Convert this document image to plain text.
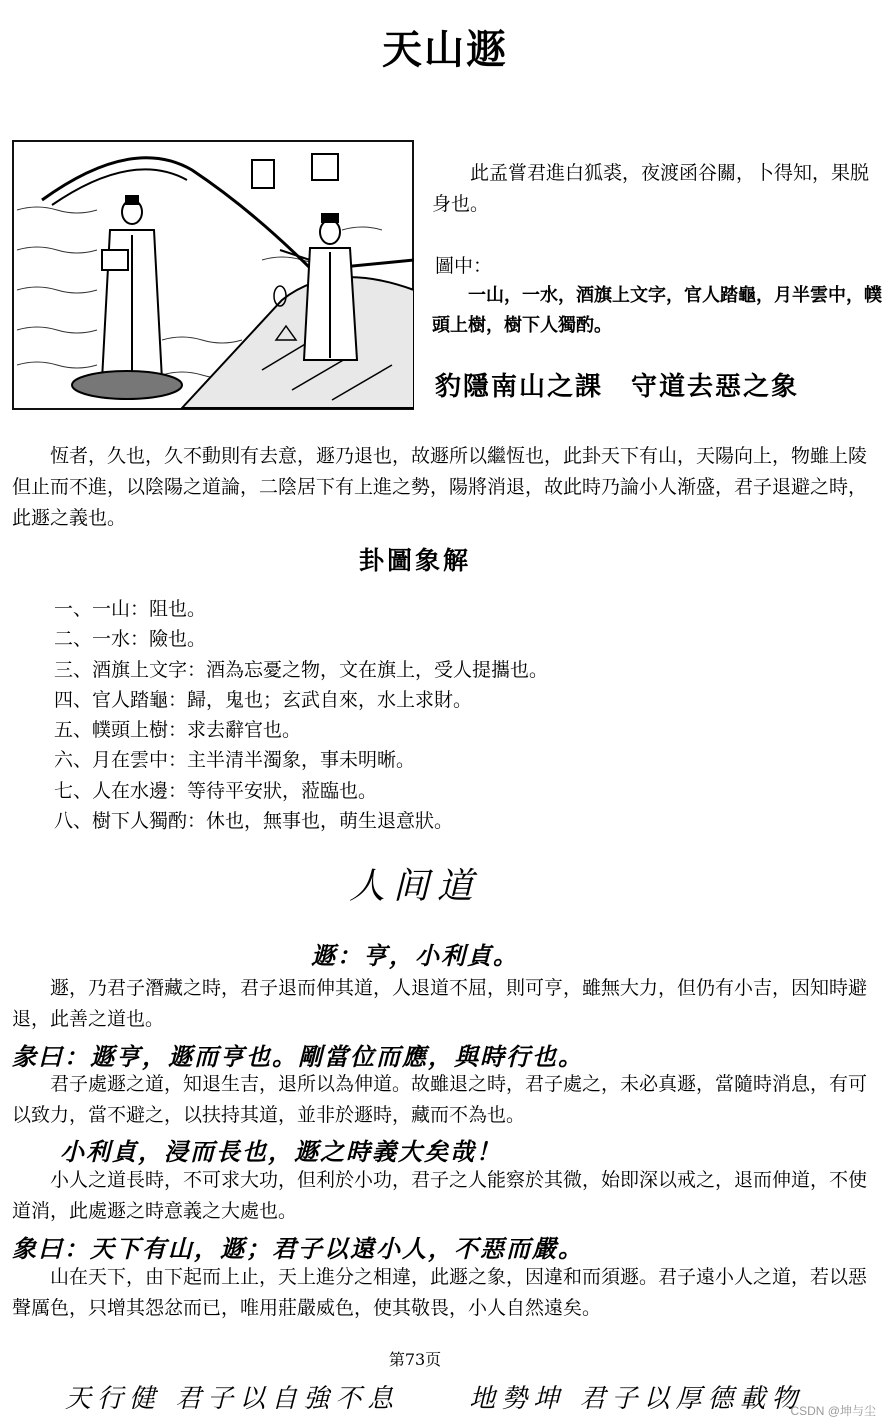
天山遯
此孟嘗君進白狐裘，夜渡函谷關，卜得知，果脱身也。
圖中：
一山，一水，酒旗上文字，官人踏龜，月半雲中，幞頭上樹，樹下人獨酌。
豹隱南山之課　守道去惡之象
恆者，久也，久不動則有去意，遯乃退也，故遯所以繼恆也，此卦天下有山，天陽向上，物雖上陵但止而不進，以陰陽之道論，二陰居下有上進之勢，陽將消退，故此時乃論小人渐盛，君子退避之時，此遯之義也。
卦圖象解
一、一山：阻也。
二、一水：險也。
三、酒旗上文字：酒為忘憂之物，文在旗上，受人提攜也。
四、官人踏龜：歸，鬼也；玄武自來，水上求財。
五、幞頭上樹：求去辭官也。
六、月在雲中：主半清半濁象，事未明晰。
七、人在水邊：等待平安狀，蒞臨也。
八、樹下人獨酌：休也，無事也，萌生退意狀。
人间道
遯：亨，小利貞。
遯，乃君子潛藏之時，君子退而伸其道，人退道不屈，則可亨，雖無大力，但仍有小吉，因知時避退，此善之道也。
彖曰：遯亨，遯而亨也。剛當位而應，與時行也。
君子處遯之道，知退生吉，退所以為伸道。故雖退之時，君子處之，未必真遯，當隨時消息，有可以致力，當不避之，以扶持其道，並非於遯時，藏而不為也。
小利貞，浸而長也，遯之時義大矣哉！
小人之道長時，不可求大功，但利於小功，君子之人能察於其微，始即深以戒之，退而伸道，不使道消，此處遯之時意義之大處也。
象曰：天下有山，遯；君子以遠小人，不惡而嚴。
山在天下，由下起而上止，天上進分之相違，此遯之象，因違和而須遯。君子遠小人之道，若以惡聲厲色，只增其怨忿而已，唯用莊嚴威色，使其敬畏，小人自然遠矣。
第73页
天行健 君子以自強不息	地勢坤 君子以厚德載物
CSDN @坤与尘
